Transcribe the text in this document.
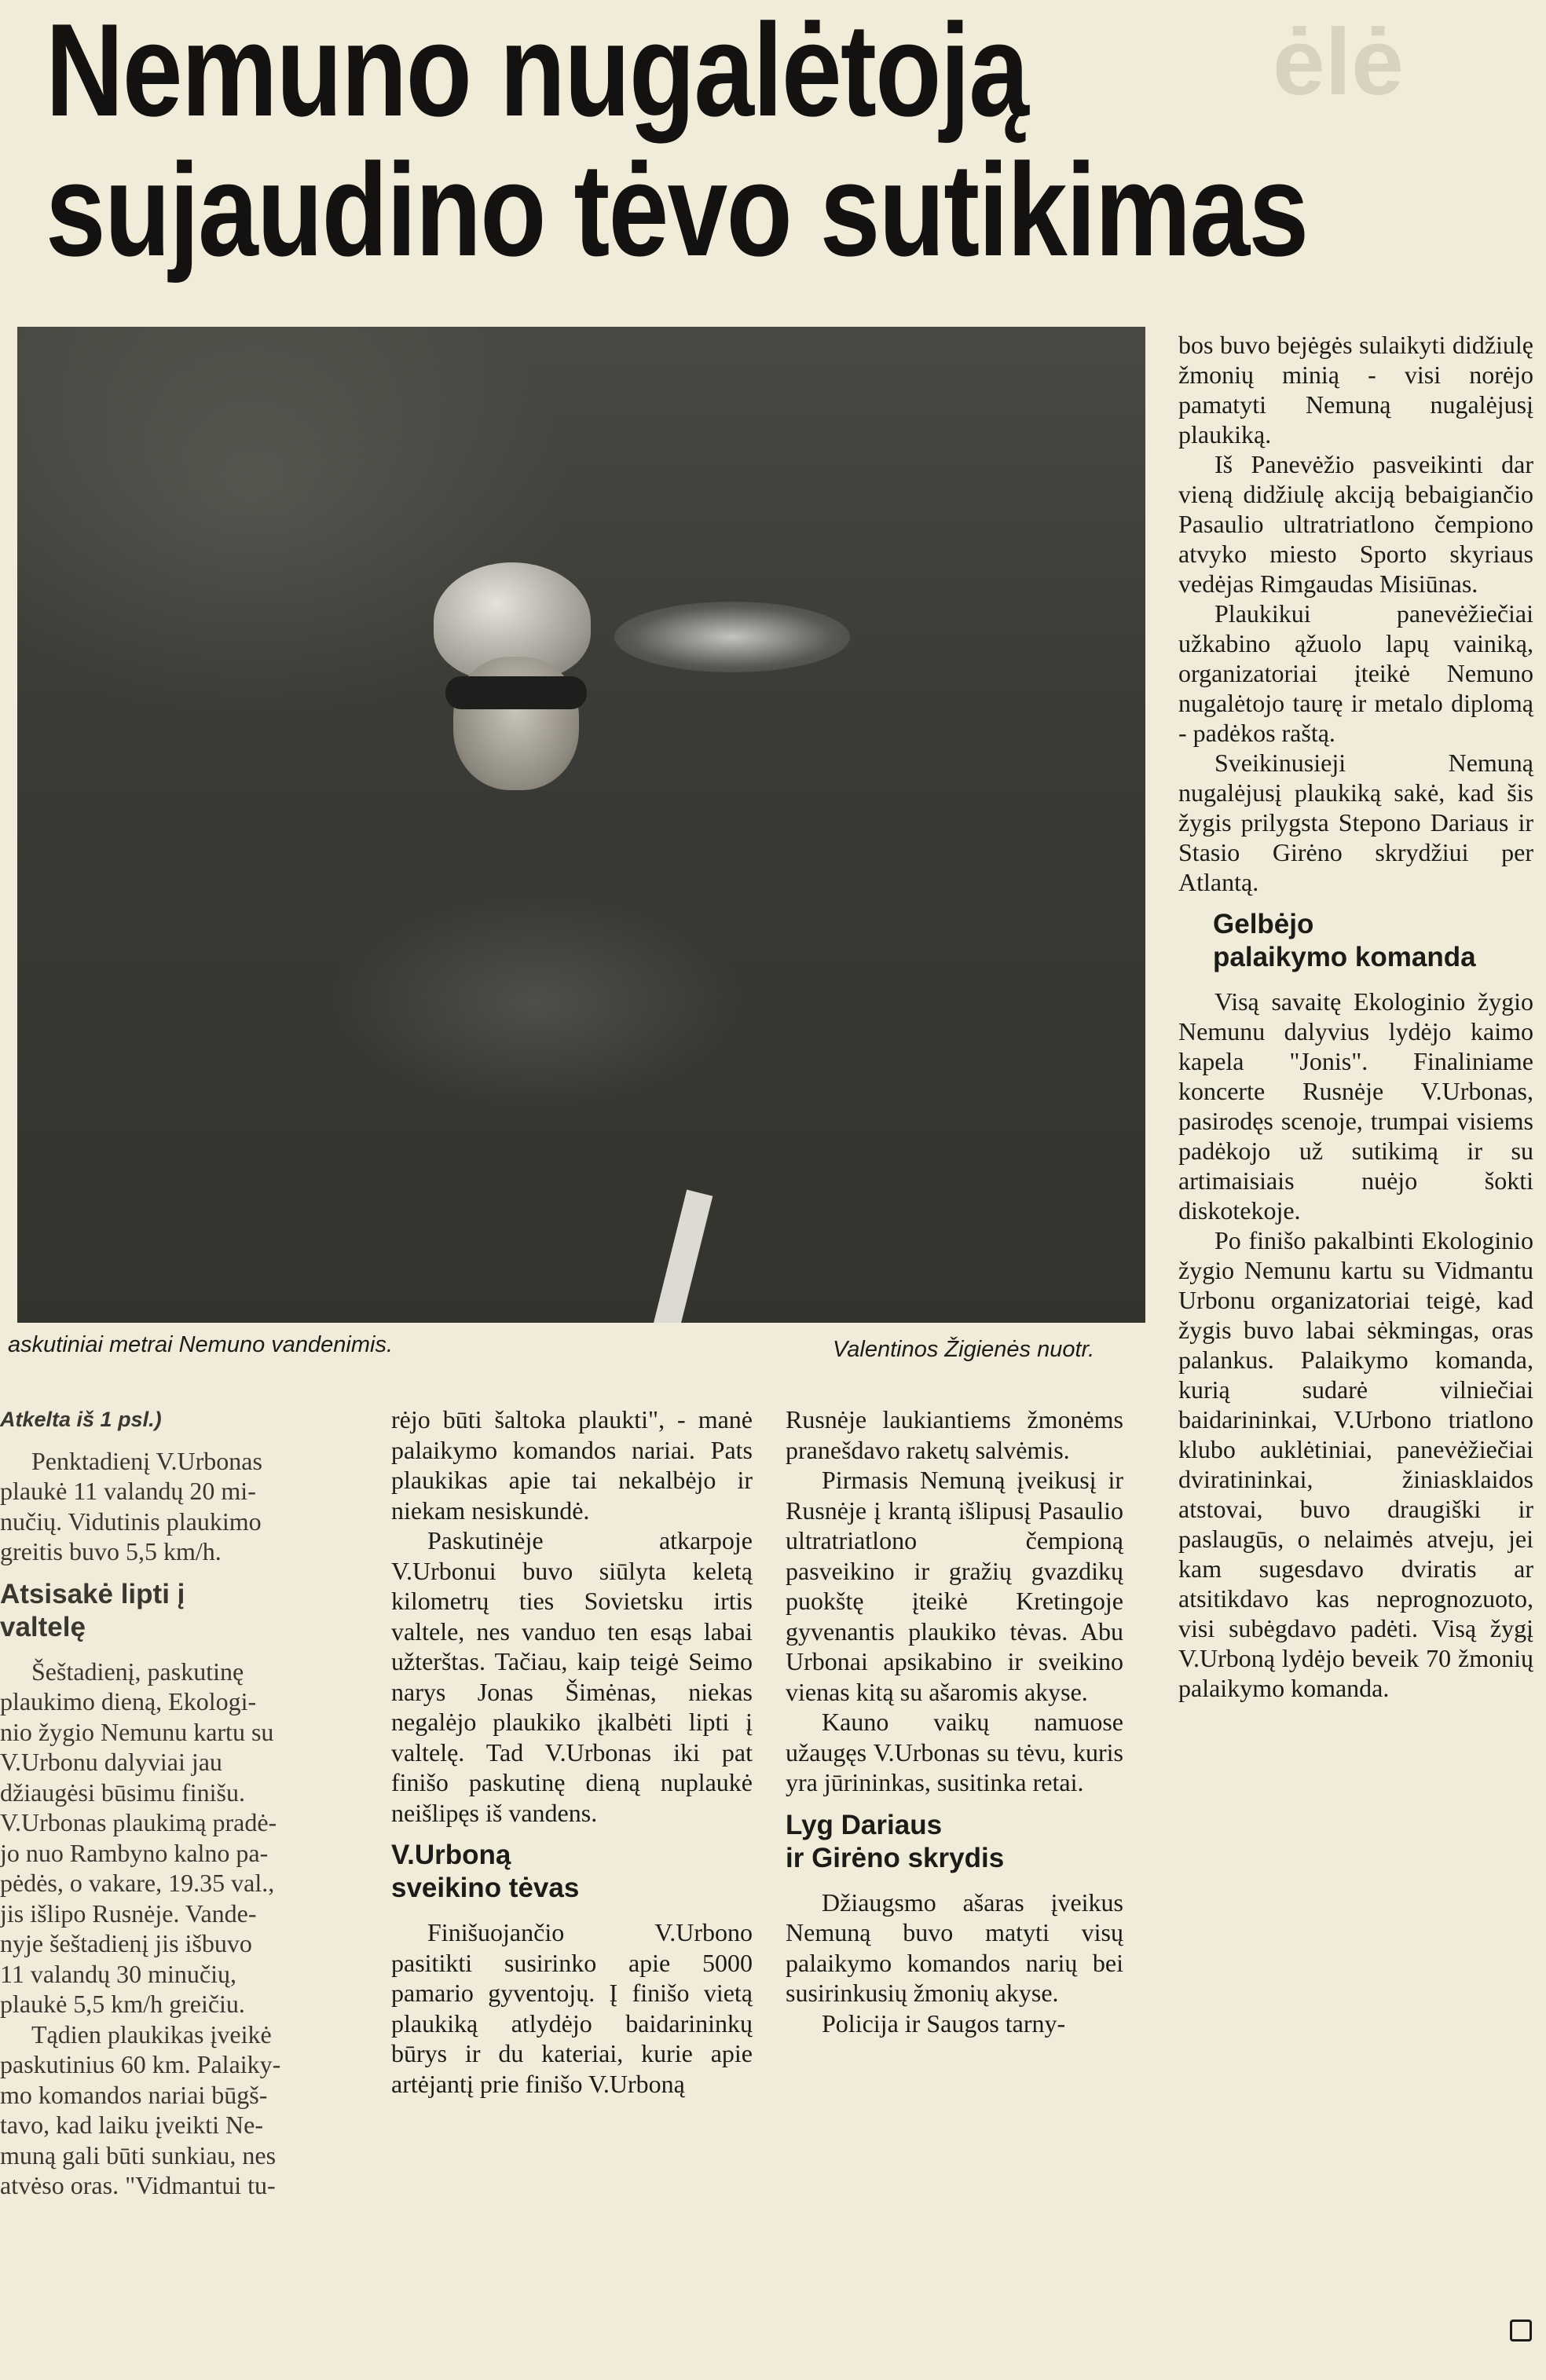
ėlė
Nemuno nugalėtoją
sujaudino tėvo sutikimas
askutiniai metrai Nemuno vandenimis.	Valentinos Žigienės nuotr.

Atkelta iš 1 psl.)

Penktadienį V.Urbonas

plaukė 11 valandų 20 mi-

nučių. Vidutinis plaukimo

greitis buvo 5,5 km/h.

Atsisakė lipti į
valtelę

Šeštadienį, paskutinę

plaukimo dieną, Ekologi-

nio žygio Nemunu kartu su

V.Urbonu dalyviai jau

džiaugėsi būsimu finišu.

V.Urbonas plaukimą pradė-

jo nuo Rambyno kalno pa-

pėdės, o vakare, 19.35 val.,

jis išlipo Rusnėje. Vande-

nyje šeštadienį jis išbuvo

11 valandų 30 minučių,

plaukė 5,5 km/h greičiu.

Tądien plaukikas įveikė

paskutinius 60 km. Palaiky-

mo komandos nariai būgš-

tavo, kad laiku įveikti Ne-

muną gali būti sunkiau, nes

atvėso oras. "Vidmantui tu-

rėjo būti šaltoka plaukti", - manė palaikymo komandos nariai. Pats plaukikas apie tai nekalbėjo ir niekam nesiskundė.

Paskutinėje atkarpoje V.Urbonui buvo siūlyta keletą kilometrų ties Sovietsku irtis valtele, nes vanduo ten esąs labai užterštas. Tačiau, kaip teigė Seimo narys Jonas Šimėnas, niekas negalėjo plaukiko įkalbėti lipti į valtelę. Tad V.Urbonas iki pat finišo paskutinę dieną nuplaukė neišlipęs iš vandens.

V.Urboną
sveikino tėvas

Finišuojančio V.Urbono pasitikti susirinko apie 5000 pamario gyventojų. Į finišo vietą plaukiką atlydėjo baidarininkų būrys ir du kateriai, kurie apie artėjantį prie finišo V.Urboną

Rusnėje laukiantiems žmonėms pranešdavo raketų salvėmis.

Pirmasis Nemuną įveikusį ir Rusnėje į krantą išlipusį Pasaulio ultratriatlono čempioną pasveikino ir gražių gvazdikų puokštę įteikė Kretingoje gyvenantis plaukiko tėvas. Abu Urbonai apsikabino ir sveikino vienas kitą su ašaromis akyse.

Kauno vaikų namuose užaugęs V.Urbonas su tėvu, kuris yra jūrininkas, susitinka retai.

Lyg Dariaus
ir Girėno skrydis

Džiaugsmo ašaras įveikus Nemuną buvo matyti visų palaikymo komandos narių bei susirinkusių žmonių akyse.

Policija ir Saugos tarny-

bos buvo bejėgės sulaikyti didžiulę žmonių minią - visi norėjo pamatyti Nemuną nugalėjusį plaukiką.

Iš Panevėžio pasveikinti dar vieną didžiulę akciją bebaigiančio Pasaulio ultratriatlono čempiono atvyko miesto Sporto skyriaus vedėjas Rimgaudas Misiūnas.

Plaukikui panevėžiečiai užkabino ąžuolo lapų vainiką, organizatoriai įteikė Nemuno nugalėtojo taurę ir metalo diplomą - padėkos raštą.

Sveikinusieji Nemuną nugalėjusį plaukiką sakė, kad šis žygis prilygsta Stepono Dariaus ir Stasio Girėno skrydžiui per Atlantą.

Gelbėjo
palaikymo komanda

Visą savaitę Ekologinio žygio Nemunu dalyvius lydėjo kaimo kapela "Jonis". Finaliniame koncerte Rusnėje V.Urbonas, pasirodęs scenoje, trumpai visiems padėkojo už sutikimą ir su artimaisiais nuėjo šokti diskotekoje.

Po finišo pakalbinti Ekologinio žygio Nemunu kartu su Vidmantu Urbonu organizatoriai teigė, kad žygis buvo labai sėkmingas, oras palankus. Palaikymo komanda, kurią sudarė vilniečiai baidarininkai, V.Urbono triatlono klubo auklėtiniai, panevėžiečiai dviratininkai, žiniasklaidos atstovai, buvo draugiški ir paslaugūs, o nelaimės atveju, jei kam sugesdavo dviratis ar atsitikdavo kas neprognozuoto, visi subėgdavo padėti. Visą žygį V.Urboną lydėjo beveik 70 žmonių palaikymo komanda.
